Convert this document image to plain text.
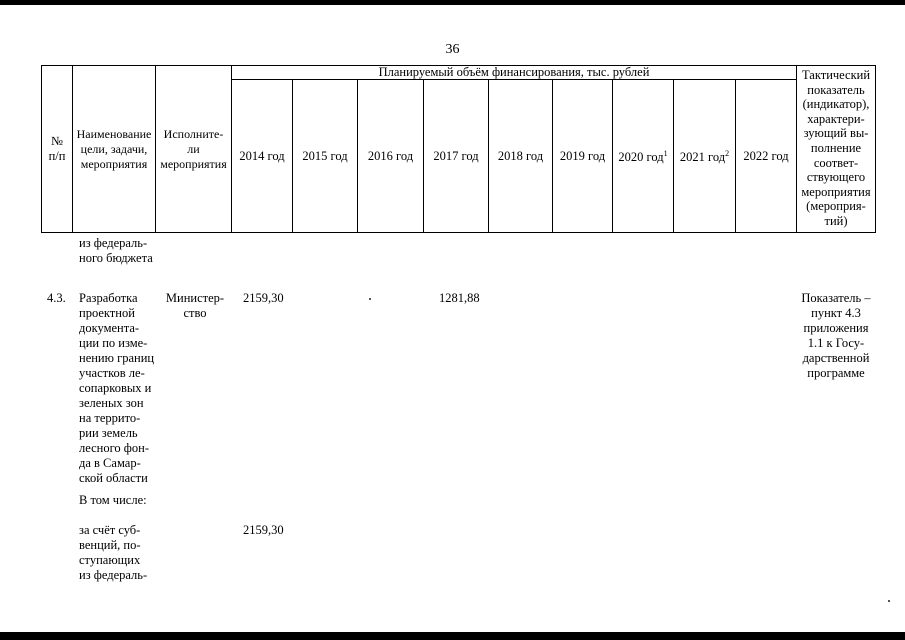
36
№ п/п
Наименование
цели, задачи,
мероприятия
Исполните-
ли
мероприятия
Планируемый объём финансирования, тыс. рублей
2014 год 2015 год 2016 год 2017 год 2018 год 2019 год 2020 год$^1$ 2021 год$^2$ 2022 год
Тактический
показатель
(индикатор),
характери-
зующий вы-
полнение
соответ-
ствующего
мероприятия
(мероприя-
тий)
из федераль-
ного бюджета
4.3. Разработка
проектной
документа-
ции по изме-
нению границ
участков ле-
сопарковых и
зеленых зон
на террито-
рии земель
лесного фон-
да в Самар-
ской области
Министер-
ство
2159,30	1281,88	Показатель –
пункт 4.3
приложения
1.1 к Госу-
дарственной
программе
В том числе:
за счёт суб-
венций, по-
ступающих
из федераль-
2159,30
